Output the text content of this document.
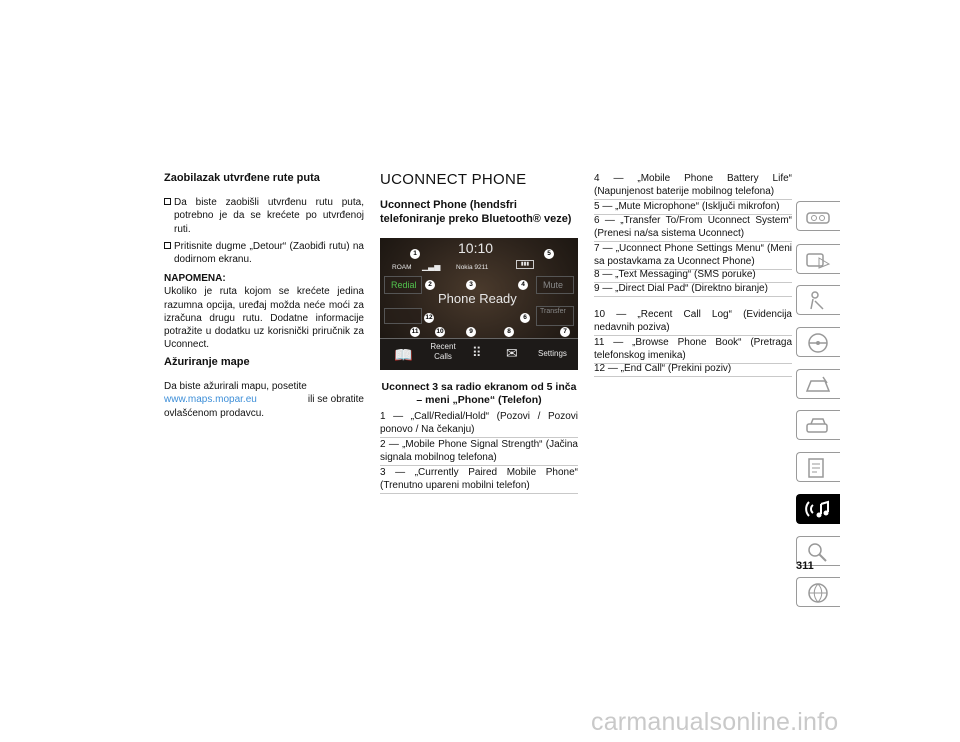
Zaobilazak utvrđene rute puta
Da biste zaobišli utvrđenu rutu puta, potrebno je da se krećete po utvrđenoj ruti.
Pritisnite dugme „Detour“ (Zaobiđi rutu) na dodirnom ekranu.
NAPOMENA:
Ukoliko je ruta kojom se krećete jedina razumna opcija, uređaj možda neće moći za izračuna drugu rutu. Dodatne informacije potražite u dodatku uz korisnički priručnik za Uconnect.
Ažuriranje mape
Da biste ažurirali mapu, posetite
www.maps.mopar.eu	ili se obratite
ovlašćenom prodavcu.
UCONNECT PHONE
Uconnect Phone (hendsfri telefoniranje preko Bluetooth® veze)
10:10
ROAM ▁▃▅ Nokia 9211	▮▮▮
Redial	Mute
Phone Ready
Transfer
📖
Recent Calls	⠿ ✉	Settings
1
2	3	4
5
6
7
8
9
10
11
12
Uconnect 3 sa radio ekranom od 5 inča – meni „Phone“ (Telefon)
1 — „Call/Redial/Hold“ (Pozovi / Pozovi ponovo / Na čekanju)
2 — „Mobile Phone Signal Strength“ (Jačina signala mobilnog telefona)
3 — „Currently Paired Mobile Phone“ (Trenutno upareni mobilni telefon)
4 — „Mobile Phone Battery Life“ (Napunjenost baterije mobilnog telefona)
5 — „Mute Microphone“ (Isključi mikrofon)
6 — „Transfer To/From Uconnect System“ (Prenesi na/sa sistema Uconnect)
7 — „Uconnect Phone Settings Menu“ (Meni sa postavkama za Uconnect Phone)
8 — „Text Messaging“ (SMS poruke)
9 — „Direct Dial Pad“ (Direktno biranje)
10 — „Recent Call Log“ (Evidencija nedavnih poziva)
11 — „Browse Phone Book“ (Pretraga telefonskog imenika)
12 — „End Call“ (Prekini poziv)
311
carmanualsonline.info
